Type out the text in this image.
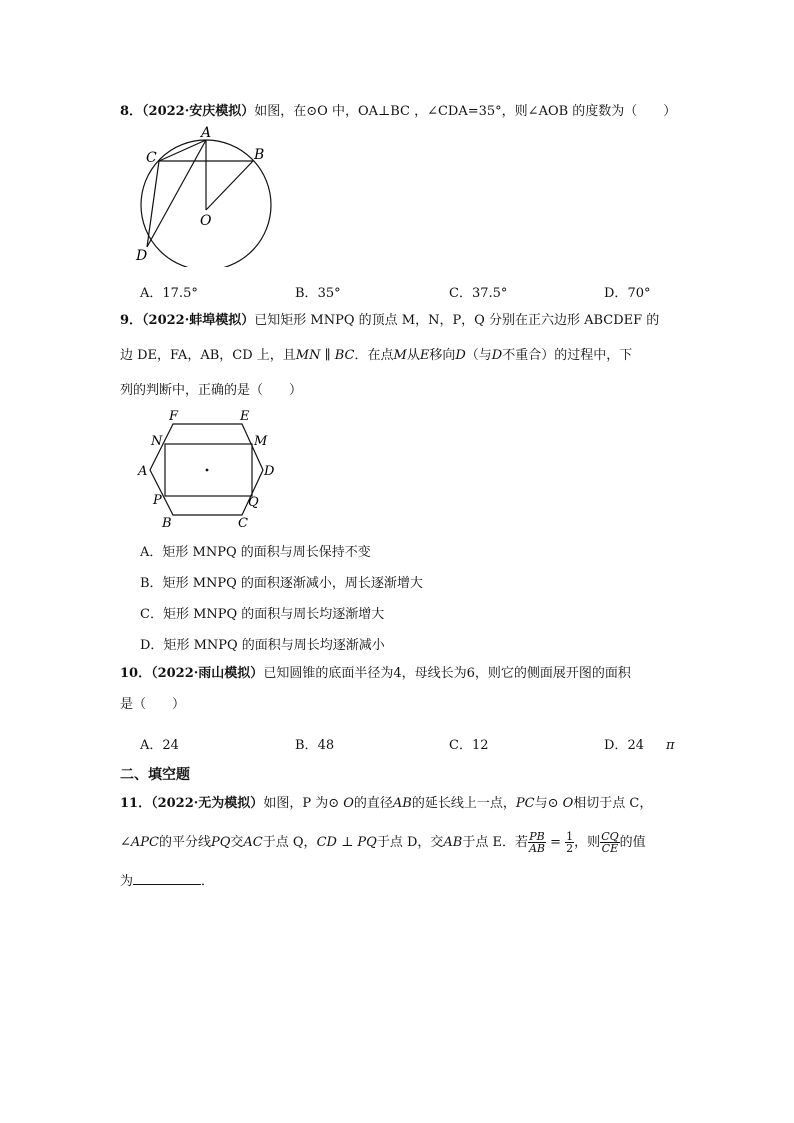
8．（2022·安庆模拟）如图，在⊙O 中，OA⊥BC ，∠CDA=35°，则∠AOB 的度数为（　　）
A
B
C
D
O
A．17.5°	B．35°	C．37.5°	D．70°
9．（2022·蚌埠模拟）已知矩形 MNPQ 的顶点 M，N，P，Q 分别在正六边形 ABCDEF 的
边 DE，FA，AB，CD 上，且MN ∥ BC．在点M从E移向D（与D不重合）的过程中，下
列的判断中，正确的是（　　）
F	E
N	M
A	D
P	Q
B	C
A．矩形 MNPQ 的面积与周长保持不变
B．矩形 MNPQ 的面积逐渐减小，周长逐渐增大
C．矩形 MNPQ 的面积与周长均逐渐增大
D．矩形 MNPQ 的面积与周长均逐渐减小
10．（2022·雨山模拟）已知圆锥的底面半径为4，母线长为6，则它的侧面展开图的面积
是（　　）
A．24	B．48	C．12	D．24 π
二、填空题
11．（2022·无为模拟）如图，P 为⊙ O的直径AB的延长线上一点，PC与⊙ O相切于点 C，
∠APC的平分线PQ交AC于点 Q，CD ⊥ PQ于点 D，交AB于点 E．若 $\frac{PB}{AB} = \frac{1}{2}$ ，则 $\frac{CQ}{CE}$ 的值
为	．
